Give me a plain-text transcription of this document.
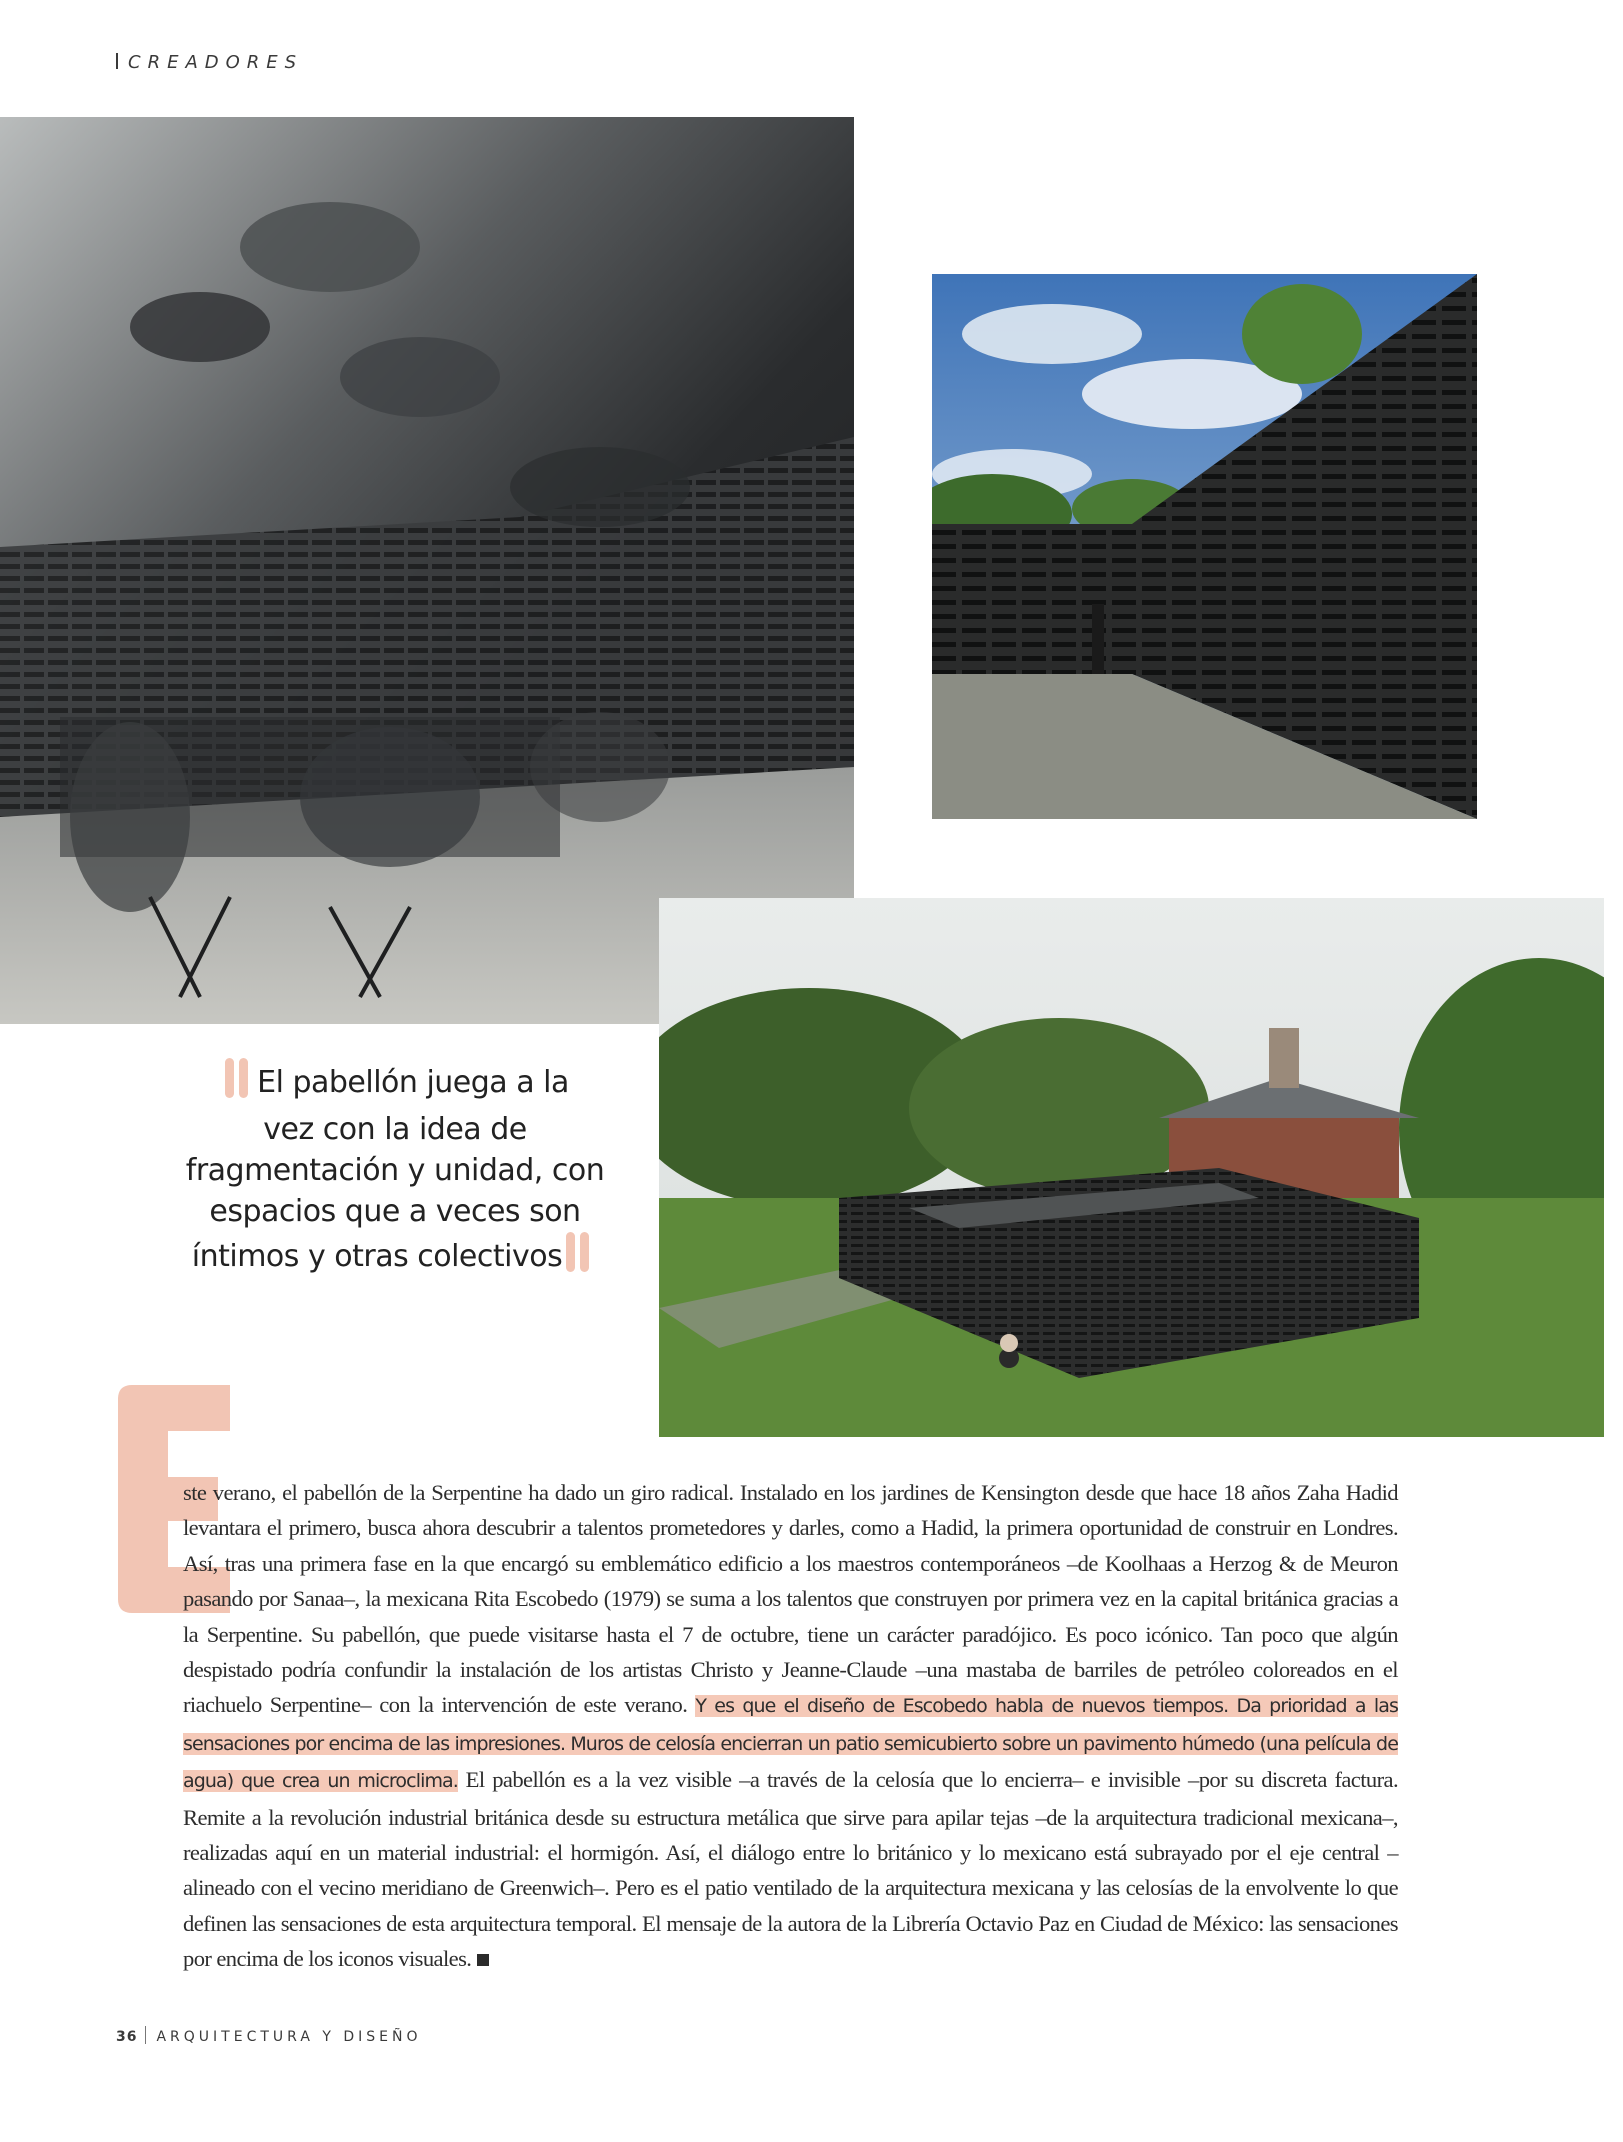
CREADORES
El pabellón juega a la
vez con la idea de
fragmentación y unidad, con
espacios que a veces son
íntimos y otras colectivos
ste verano, el pabellón de la Serpentine ha dado un giro radical. Instalado en los jardines de Kensington desde que hace 18 años Zaha Hadid levantara el primero, busca ahora descubrir a talentos prometedores y darles, como a Hadid, la primera oportunidad de construir en Londres. Así, tras una primera fase en la que encargó su emblemático edificio a los maestros contemporáneos –de Koolhaas a Herzog & de Meuron pasando por Sanaa–, la mexicana Rita Escobedo (1979) se suma a los talentos que construyen por primera vez en la capital británica gracias a la Serpentine. Su pabellón, que puede visitarse hasta el 7 de octubre, tiene un carácter paradójico. Es poco icónico. Tan poco que algún despistado podría confundir la instalación de los artistas Christo y Jeanne-Claude –una mastaba de barriles de petróleo coloreados en el riachuelo Serpentine– con la intervención de este verano. Y es que el diseño de Escobedo habla de nuevos tiempos. Da prioridad a las sensaciones por encima de las impresiones. Muros de celosía encierran un patio semicubierto sobre un pavimento húmedo (una película de agua) que crea un microclima. El pabellón es a la vez visible –a través de la celosía que lo encierra– e invisible –por su discreta factura. Remite a la revolución industrial británica desde su estructura metálica que sirve para apilar tejas –de la arquitectura tradicional mexicana–, realizadas aquí en un material industrial: el hormigón. Así, el diálogo entre lo británico y lo mexicano está subrayado por el eje central –alineado con el vecino meridiano de Greenwich–. Pero es el patio ventilado de la arquitectura mexicana y las celosías de la envolvente lo que definen las sensaciones de esta arquitectura temporal. El mensaje de la autora de la Librería Octavio Paz en Ciudad de México: las sensaciones por encima de los iconos visuales.
36 ARQUITECTURA Y DISEÑO
